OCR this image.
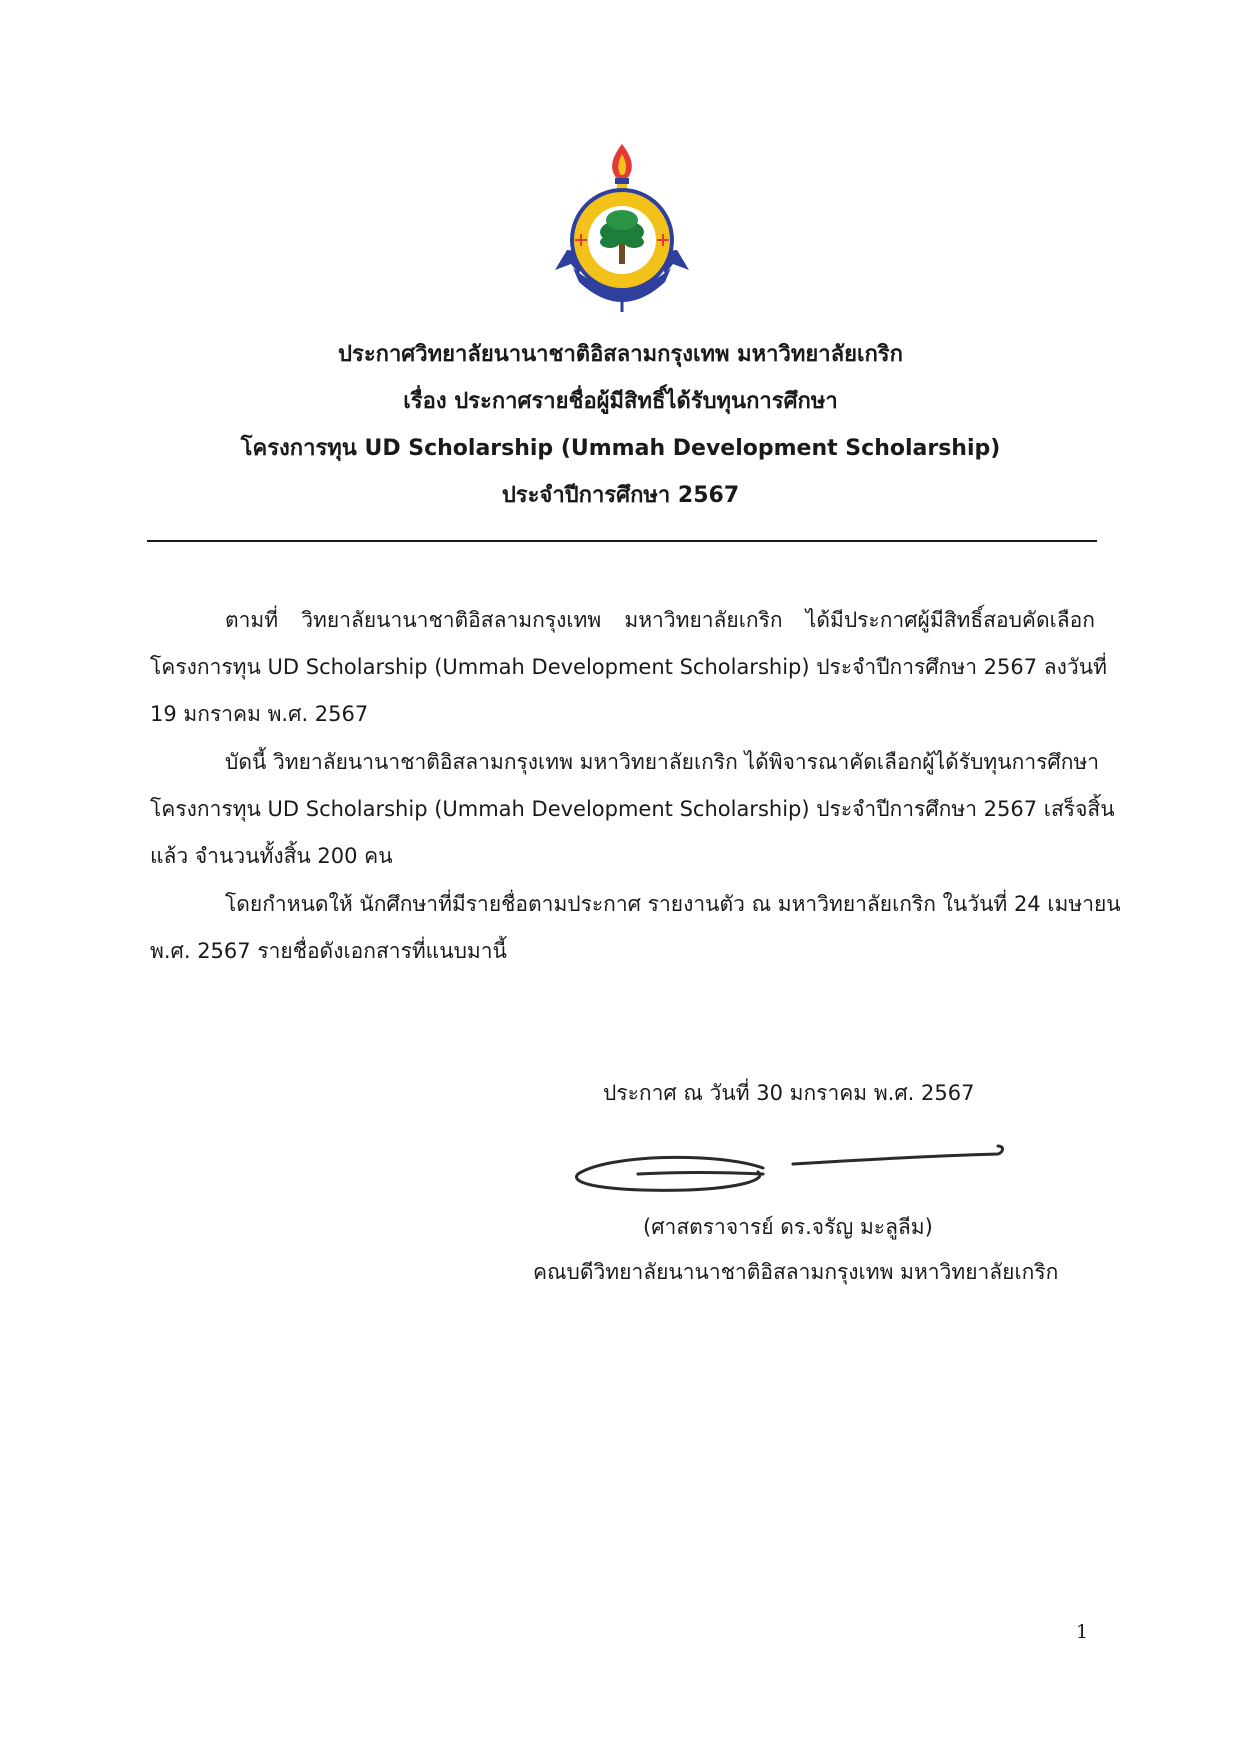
ประกาศวิทยาลัยนานาชาติอิสลามกรุงเทพ มหาวิทยาลัยเกริก
เรื่อง ประกาศรายชื่อผู้มีสิทธิ์ได้รับทุนการศึกษา
โครงการทุน UD Scholarship (Ummah Development Scholarship)
ประจำปีการศึกษา 2567
ตามที่ วิทยาลัยนานาชาติอิสลามกรุงเทพ มหาวิทยาลัยเกริก ได้มีประกาศผู้มีสิทธิ์สอบคัดเลือก
โครงการทุน UD Scholarship (Ummah Development Scholarship) ประจำปีการศึกษา 2567 ลงวันที่
19 มกราคม พ.ศ. 2567
บัดนี้ วิทยาลัยนานาชาติอิสลามกรุงเทพ มหาวิทยาลัยเกริก ได้พิจารณาคัดเลือกผู้ได้รับทุนการศึกษา
โครงการทุน UD Scholarship (Ummah Development Scholarship) ประจำปีการศึกษา 2567 เสร็จสิ้น
แล้ว จำนวนทั้งสิ้น 200 คน
โดยกำหนดให้ นักศึกษาที่มีรายชื่อตามประกาศ รายงานตัว ณ มหาวิทยาลัยเกริก ในวันที่ 24 เมษายน
พ.ศ. 2567 รายชื่อดังเอกสารที่แนบมานี้
ประกาศ ณ วันที่ 30 มกราคม พ.ศ. 2567
(ศาสตราจารย์ ดร.จรัญ มะลูลีม)
คณบดีวิทยาลัยนานาชาติอิสลามกรุงเทพ มหาวิทยาลัยเกริก
1
